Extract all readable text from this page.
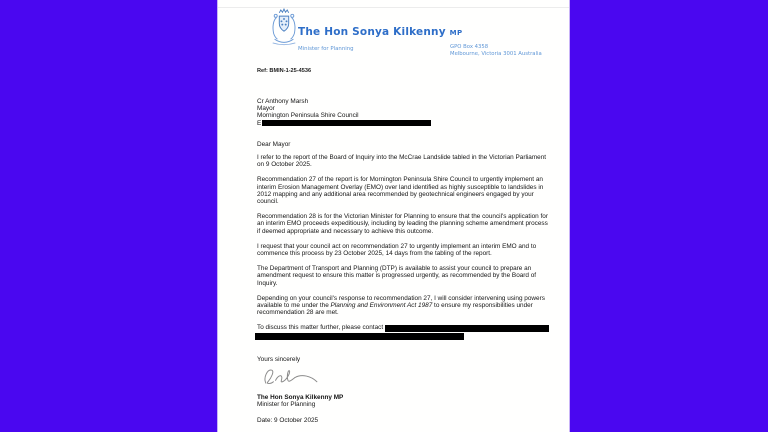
The Hon Sonya Kilkenny MP
Minister for Planning	GPO Box 4358
Melbourne, Victoria 3001 Australia
Ref: BMIN-1-25-4536
Cr Anthony Marsh
Mayor
Mornington Peninsula Shire Council
E
Dear Mayor

I refer to the report of the Board of Inquiry into the McCrae Landslide tabled in the Victorian Parliament on 9 October 2025.

Recommendation 27 of the report is for Mornington Peninsula Shire Council to urgently implement an interim Erosion Management Overlay (EMO) over land identified as highly susceptible to landslides in 2012 mapping and any additional area recommended by geotechnical engineers engaged by your council.

Recommendation 28 is for the Victorian Minister for Planning to ensure that the council's application for an interim EMO proceeds expeditiously, including by leading the planning scheme amendment process if deemed appropriate and necessary to achieve this outcome.

I request that your council act on recommendation 27 to urgently implement an interim EMO and to commence this process by 23 October 2025, 14 days from the tabling of the report.

The Department of Transport and Planning (DTP) is available to assist your council to prepare an amendment request to ensure this matter is progressed urgently, as recommended by the Board of Inquiry.

Depending on your council's response to recommendation 27, I will consider intervening using powers available to me under the Planning and Environment Act 1987 to ensure my responsibilities under recommendation 28 are met.

To discuss this matter further, please contact
Yours sincerely
The Hon Sonya Kilkenny MP
Minister for Planning
Date: 9 October 2025
